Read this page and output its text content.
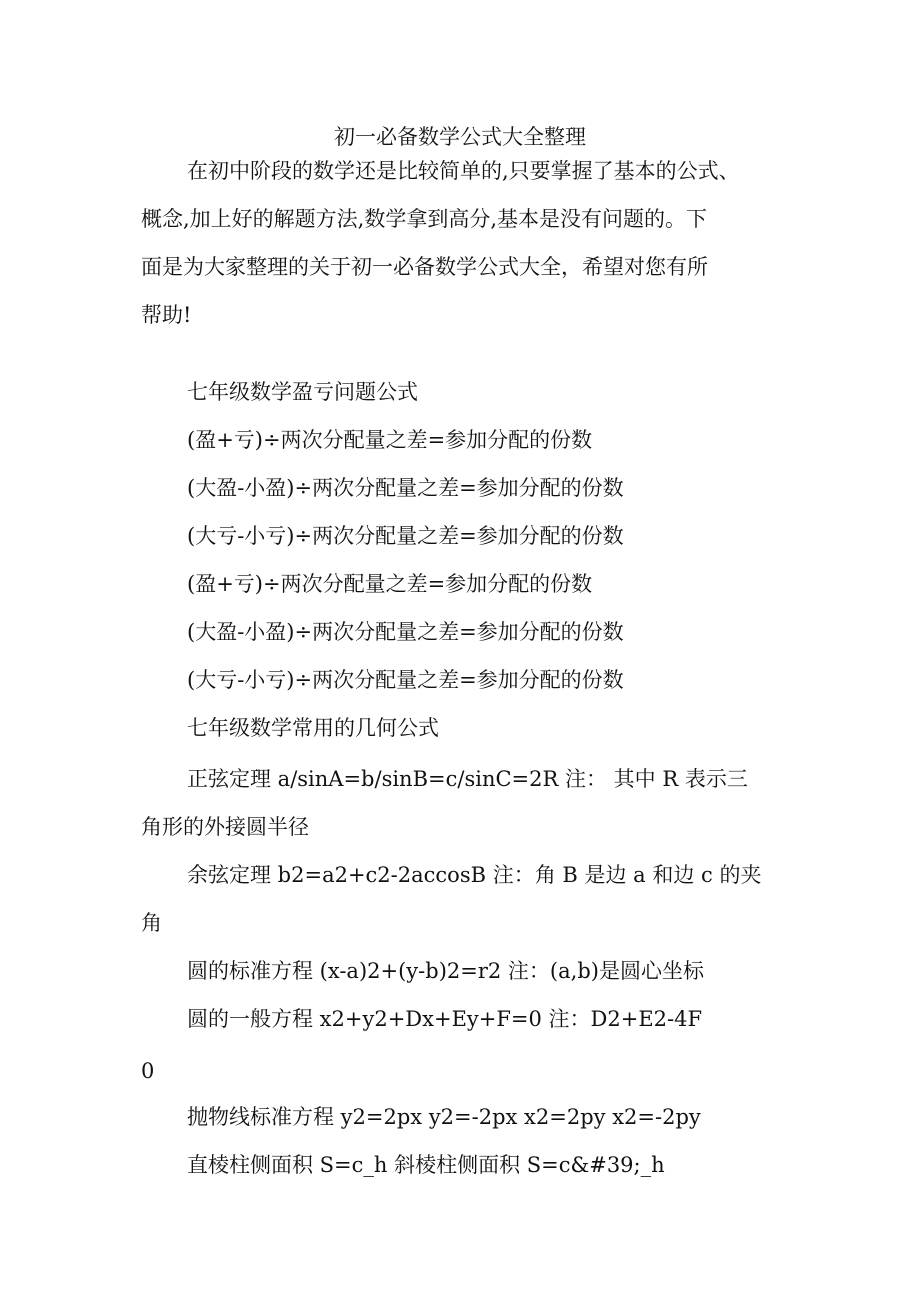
初一必备数学公式大全整理
在初中阶段的数学还是比较简单的,只要掌握了基本的公式、
概念,加上好的解题方法,数学拿到高分,基本是没有问题的。下
面是为大家整理的关于初一必备数学公式大全，希望对您有所
帮助!
七年级数学盈亏问题公式
(盈+亏)÷两次分配量之差=参加分配的份数
(大盈-小盈)÷两次分配量之差=参加分配的份数
(大亏-小亏)÷两次分配量之差=参加分配的份数
(盈+亏)÷两次分配量之差=参加分配的份数
(大盈-小盈)÷两次分配量之差=参加分配的份数
(大亏-小亏)÷两次分配量之差=参加分配的份数
七年级数学常用的几何公式
正弦定理 a/sinA=b/sinB=c/sinC=2R 注： 其中 R 表示三
角形的外接圆半径
余弦定理 b2=a2+c2-2accosB 注：角 B 是边 a 和边 c 的夹
角
圆的标准方程 (x-a)2+(y-b)2=r2 注：(a,b)是圆心坐标
圆的一般方程 x2+y2+Dx+Ey+F=0 注：D2+E2-4F
0
抛物线标准方程 y2=2px y2=-2px x2=2py x2=-2py
直棱柱侧面积 S=c_h 斜棱柱侧面积 S=c&#39;_h
